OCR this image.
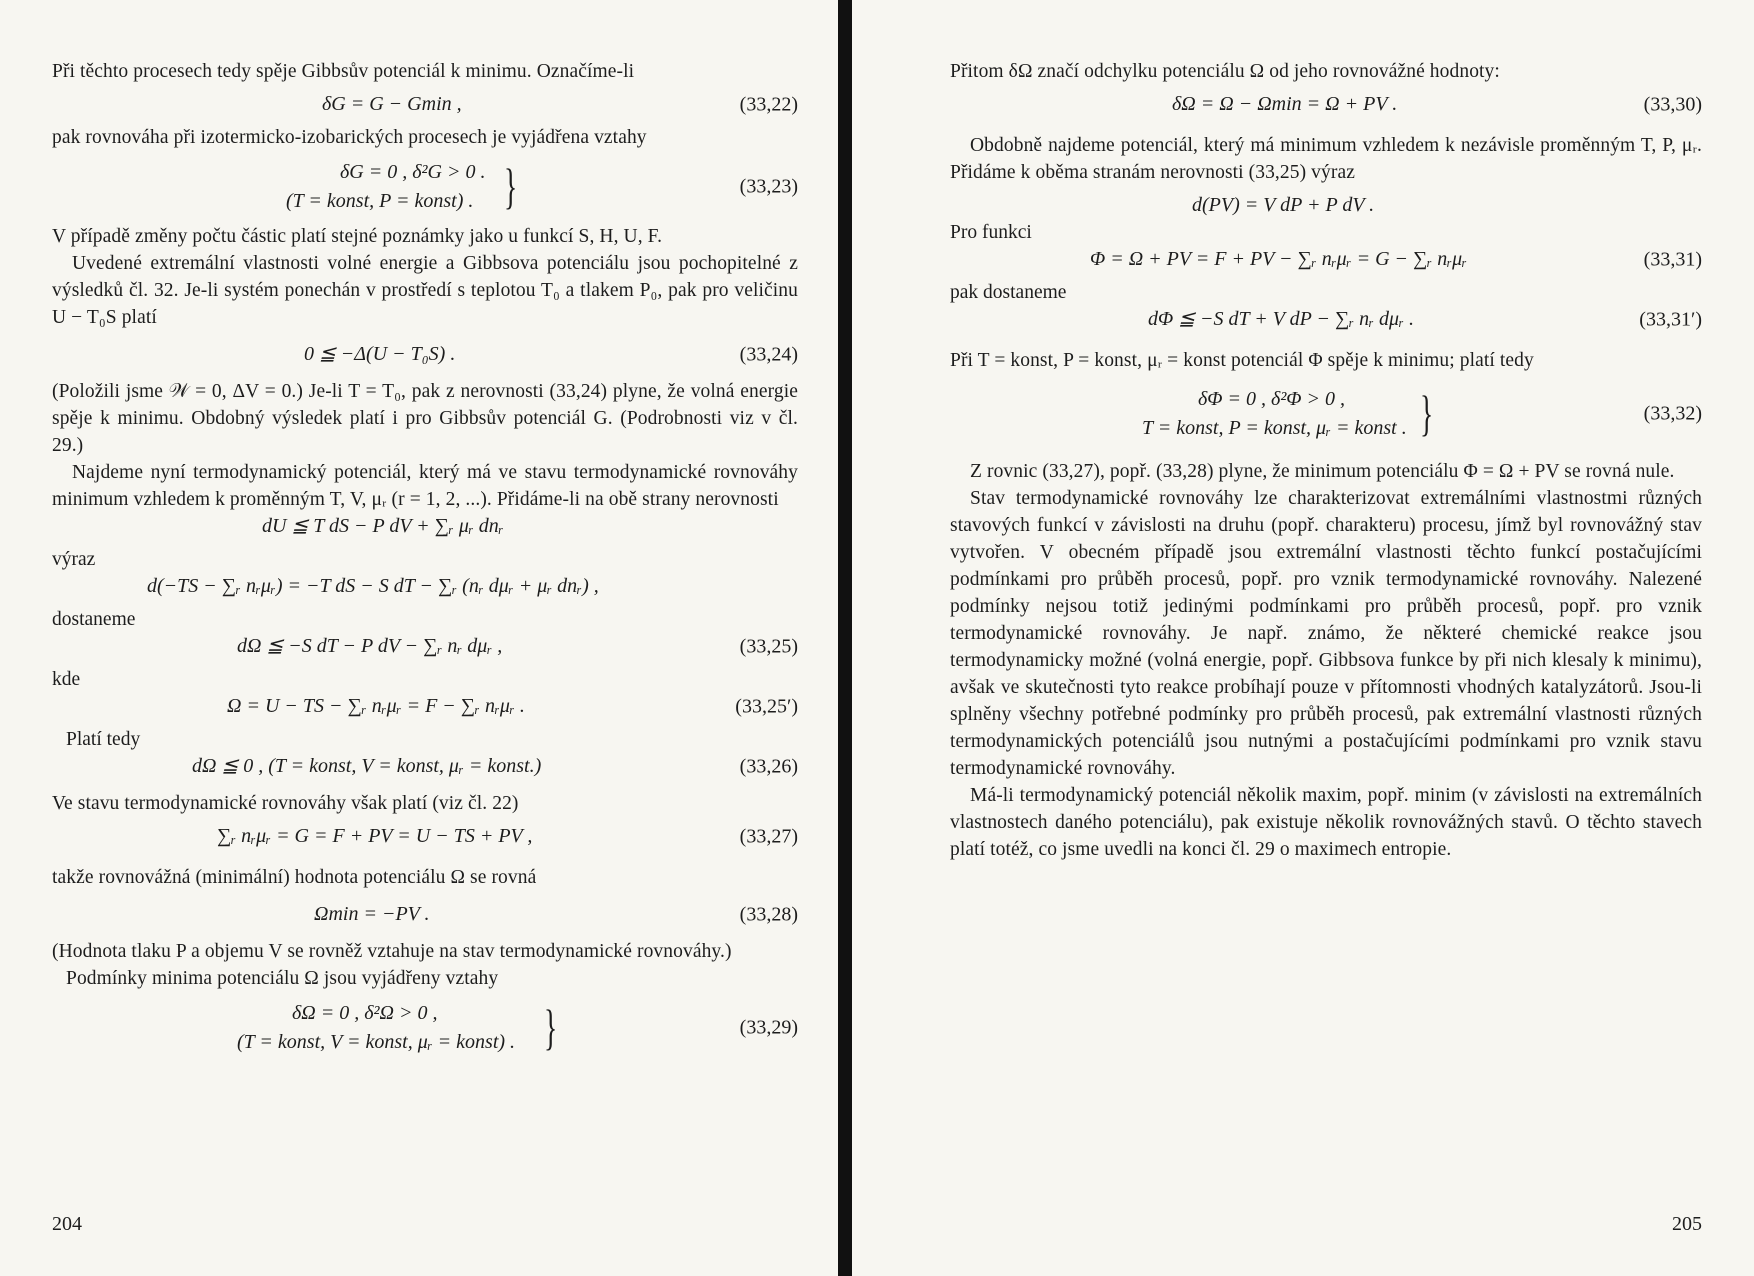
Při těchto procesech tedy spěje Gibbsův potenciál k minimu. Označíme-li

δG = G − Gmin ,	(33,22)

pak rovnováha při izotermicko-izobarických procesech je vyjádřena vztahy

δG = 0 , δ²G > 0 .
(T = konst, P = konst) . }	(33,23)

V případě změny počtu částic platí stejné poznámky jako u funkcí S, H, U, F.

Uvedené extremální vlastnosti volné energie a Gibbsova potenciálu jsou pochopitelné z výsledků čl. 32. Je-li systém ponechán v prostředí s teplotou T₀ a tlakem P₀, pak pro veličinu U − T₀S platí

0 ≦ −Δ(U − T₀S) .	(33,24)

(Položili jsme 𝒲 = 0, ΔV = 0.) Je-li T = T₀, pak z nerovnosti (33,24) plyne, že volná energie spěje k minimu. Obdobný výsledek platí i pro Gibbsův potenciál G. (Podrobnosti viz v čl. 29.)

Najdeme nyní termodynamický potenciál, který má ve stavu termodynamické rovnováhy minimum vzhledem k proměnným T, V, μᵣ (r = 1, 2, ...). Přidáme-li na obě strany nerovnosti

dU ≦ T dS − P dV + ∑ᵣ μᵣ dnᵣ

výraz

d(−TS − ∑ᵣ nᵣμᵣ) = −T dS − S dT − ∑ᵣ (nᵣ dμᵣ + μᵣ dnᵣ) ,

dostaneme

dΩ ≦ −S dT − P dV − ∑ᵣ nᵣ dμᵣ ,	(33,25)

kde

Ω = U − TS − ∑ᵣ nᵣμᵣ = F − ∑ᵣ nᵣμᵣ .	(33,25′)

Platí tedy

dΩ ≦ 0 , (T = konst, V = konst, μᵣ = konst.)	(33,26)

Ve stavu termodynamické rovnováhy však platí (viz čl. 22)

∑ᵣ nᵣμᵣ = G = F + PV = U − TS + PV ,	(33,27)

takže rovnovážná (minimální) hodnota potenciálu Ω se rovná

Ωmin = −PV .	(33,28)

(Hodnota tlaku P a objemu V se rovněž vztahuje na stav termodynamické rovnováhy.)

Podmínky minima potenciálu Ω jsou vyjádřeny vztahy

δΩ = 0 , δ²Ω > 0 ,
(T = konst, V = konst, μᵣ = konst) . }	(33,29)
204

Přitom δΩ značí odchylku potenciálu Ω od jeho rovnovážné hodnoty:

δΩ = Ω − Ωmin = Ω + PV .	(33,30)

Obdobně najdeme potenciál, který má minimum vzhledem k nezávisle proměnným T, P, μᵣ. Přidáme k oběma stranám nerovnosti (33,25) výraz

d(PV) = V dP + P dV .

Pro funkci

Φ = Ω + PV = F + PV − ∑ᵣ nᵣμᵣ = G − ∑ᵣ nᵣμᵣ	(33,31)

pak dostaneme

dΦ ≦ −S dT + V dP − ∑ᵣ nᵣ dμᵣ .	(33,31′)

Při T = konst, P = konst, μᵣ = konst potenciál Φ spěje k minimu; platí tedy

δΦ = 0 , δ²Φ > 0 ,
T = konst, P = konst, μᵣ = konst . }	(33,32)

Z rovnic (33,27), popř. (33,28) plyne, že minimum potenciálu Φ = Ω + PV se rovná nule.

Stav termodynamické rovnováhy lze charakterizovat extremálními vlastnostmi různých stavových funkcí v závislosti na druhu (popř. charakteru) procesu, jímž byl rovnovážný stav vytvořen. V obecném případě jsou extremální vlastnosti těchto funkcí postačujícími podmínkami pro průběh procesů, popř. pro vznik termodynamické rovnováhy. Nalezené podmínky nejsou totiž jedinými podmínkami pro průběh procesů, popř. pro vznik termodynamické rovnováhy. Je např. známo, že některé chemické reakce jsou termodynamicky možné (volná energie, popř. Gibbsova funkce by při nich klesaly k minimu), avšak ve skutečnosti tyto reakce probíhají pouze v přítomnosti vhodných katalyzátorů. Jsou-li splněny všechny potřebné podmínky pro průběh procesů, pak extremální vlastnosti různých termodynamických potenciálů jsou nutnými a postačujícími podmínkami pro vznik stavu termodynamické rovnováhy.

Má-li termodynamický potenciál několik maxim, popř. minim (v závislosti na extremálních vlastnostech daného potenciálu), pak existuje několik rovnovážných stavů. O těchto stavech platí totéž, co jsme uvedli na konci čl. 29 o maximech entropie.

205
